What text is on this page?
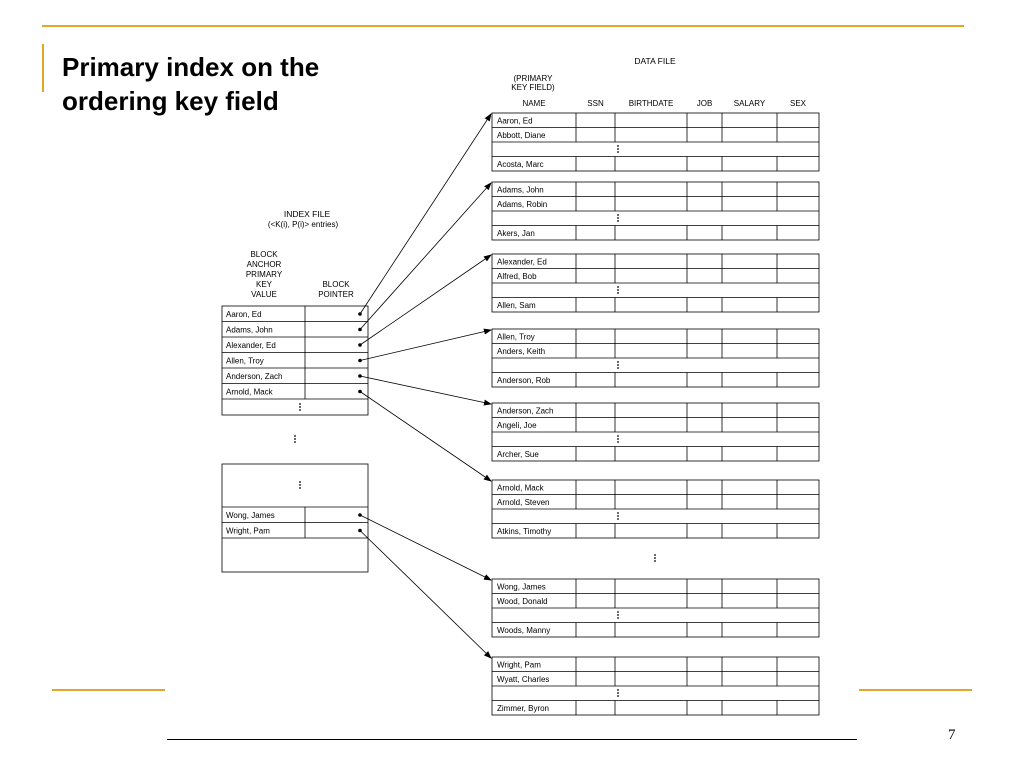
Primary index on the
ordering key field
7
INDEX FILE
(<K(i), P(i)> entries)
BLOCK
ANCHOR
PRIMARY
KEY
VALUE
BLOCK
POINTER
DATA FILE
(PRIMARY
KEY FIELD)
NAME	SSN	BIRTHDATE	JOB	SALARY	SEX
Aaron, Ed
Adams, John
Alexander, Ed
Allen, Troy
Anderson, Zach
Arnold, Mack
Wong, James
Wright, Pam
Aaron, Ed
Abbott, Diane
Acosta, Marc
Adams, John
Adams, Robin
Akers, Jan
Alexander, Ed
Alfred, Bob
Allen, Sam
Allen, Troy
Anders, Keith
Anderson, Rob
Anderson, Zach
Angeli, Joe
Archer, Sue
Arnold, Mack
Arnold, Steven
Atkins, Timothy
Wong, James
Wood, Donald
Woods, Manny
Wright, Pam
Wyatt, Charles
Zimmer, Byron
